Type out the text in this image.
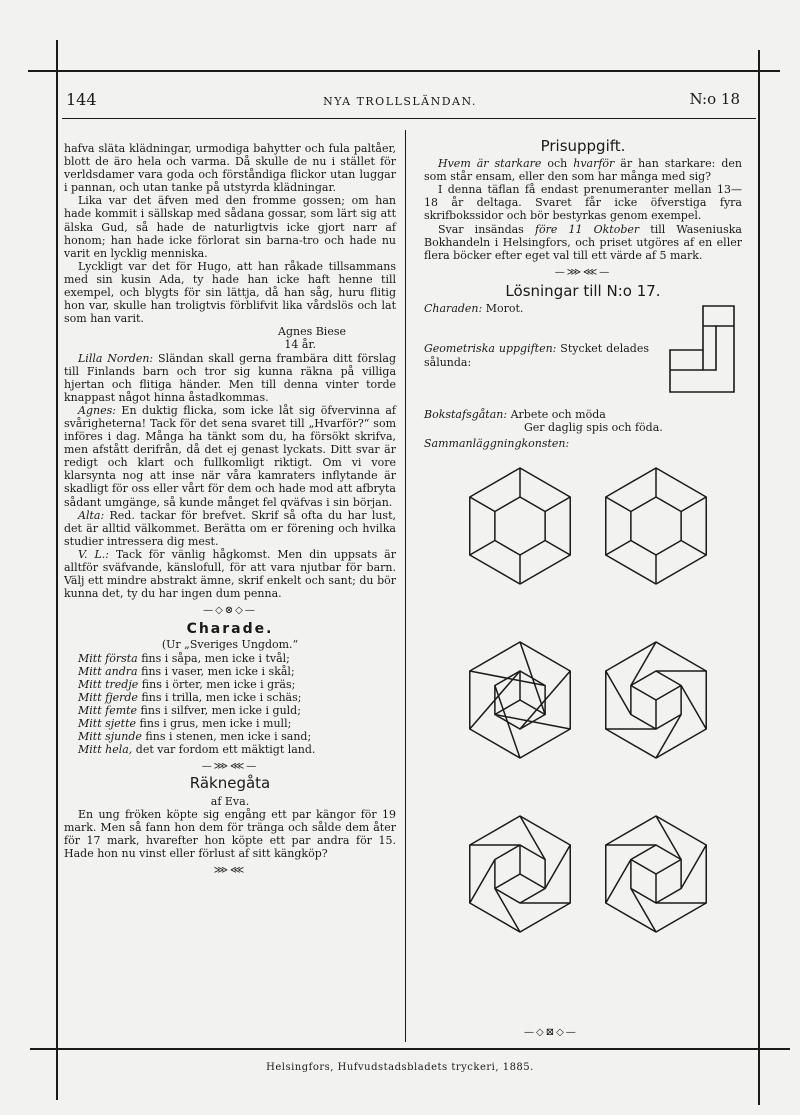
144	NYA TROLLSLÄNDAN.	N:o 18

hafva släta klädningar, urmodiga bahytter och fula paltåer, blott de äro hela och varma. Då skulle de nu i stället för verldsdamer vara goda och förståndiga flickor utan luggar i pannan, och utan tanke på utstyrda klädningar.

Lika var det äfven med den fromme gossen; om han hade kommit i sällskap med sådana gossar, som lärt sig att älska Gud, så hade de naturligtvis icke gjort narr af honom; han hade icke förlorat sin barna-tro och hade nu varit en lycklig menniska.

Lyckligt var det för Hugo, att han råkade tillsammans med sin kusin Ada, ty hade han icke haft henne till exempel, och blygts för sin lättja, då han såg, huru flitig hon var, skulle han troligtvis förblifvit lika vårdslös och lat som han varit.

Agnes Biese

14 år.

Lilla Norden: Sländan skall gerna frambära ditt förslag till Finlands barn och tror sig kunna räkna på villiga hjertan och flitiga händer. Men till denna vinter torde knappast något hinna åstadkommas.

Agnes: En duktig flicka, som icke låt sig öfvervinna af svårigheterna! Tack för det sena svaret till „Hvarför?“ som införes i dag. Många ha tänkt som du, ha försökt skrifva, men afstått derifrån, då det ej genast lyckats. Ditt svar är redigt och klart och fullkomligt riktigt. Om vi vore klarsynta nog att inse när våra kamraters inflytande är skadligt för oss eller vårt för dem och hade mod att afbryta sådant umgänge, så kunde månget fel qväfvas i sin början.

Alta: Red. tackar för brefvet. Skrif så ofta du har lust, det är alltid välkommet. Berätta om er förening och hvilka studier intressera dig mest.

V. L.: Tack för vänlig hågkomst. Men din uppsats är alltför sväfvande, känslofull, för att vara njutbar för barn. Välj ett mindre abstrakt ämne, skrif enkelt och sant; du bör kunna det, ty du har ingen dum penna.

—◇⊗◇—
Charade.

(Ur „Sveriges Ungdom.“

Mitt första fins i såpa, men icke i tvål;
Mitt andra fins i vaser, men icke i skål;
Mitt tredje fins i örter, men icke i gräs;
Mitt fjerde fins i trilla, men icke i schäs;
Mitt femte fins i silfver, men icke i guld;
Mitt sjette fins i grus, men icke i mull;
Mitt sjunde fins i stenen, men icke i sand;
Mitt hela, det var fordom ett mäktigt land.
—⋙⋘—
Räknegåta

af Eva.

En ung fröken köpte sig engång ett par kängor för 19 mark. Men så fann hon dem för tränga och sålde dem åter för 17 mark, hvarefter hon köpte ett par andra för 15. Hade hon nu vinst eller förlust af sitt kängköp?

⋙⋘
Prisuppgift.

Hvem är starkare och hvarför är han starkare: den som står ensam, eller den som har många med sig?

I denna täflan få endast prenumeranter mellan 13—18 år deltaga. Svaret får icke öfverstiga fyra skrifbokssidor och bör bestyrkas genom exempel.

Svar insändas före 11 Oktober till Waseniuska Bokhandeln i Helsingfors, och priset utgöres af en eller flera böcker efter eget val till ett värde af 5 mark.

—⋙⋘—
Lösningar till N:o 17.

Charaden: Morot.

Geometriska uppgiften: Stycket delades sålunda:

Bokstafsgåtan: Arbete och möda

Ger daglig spis och föda.

Sammanläggningkonsten:

—◇⊠◇—
Helsingfors, Hufvudstadsbladets tryckeri, 1885.
